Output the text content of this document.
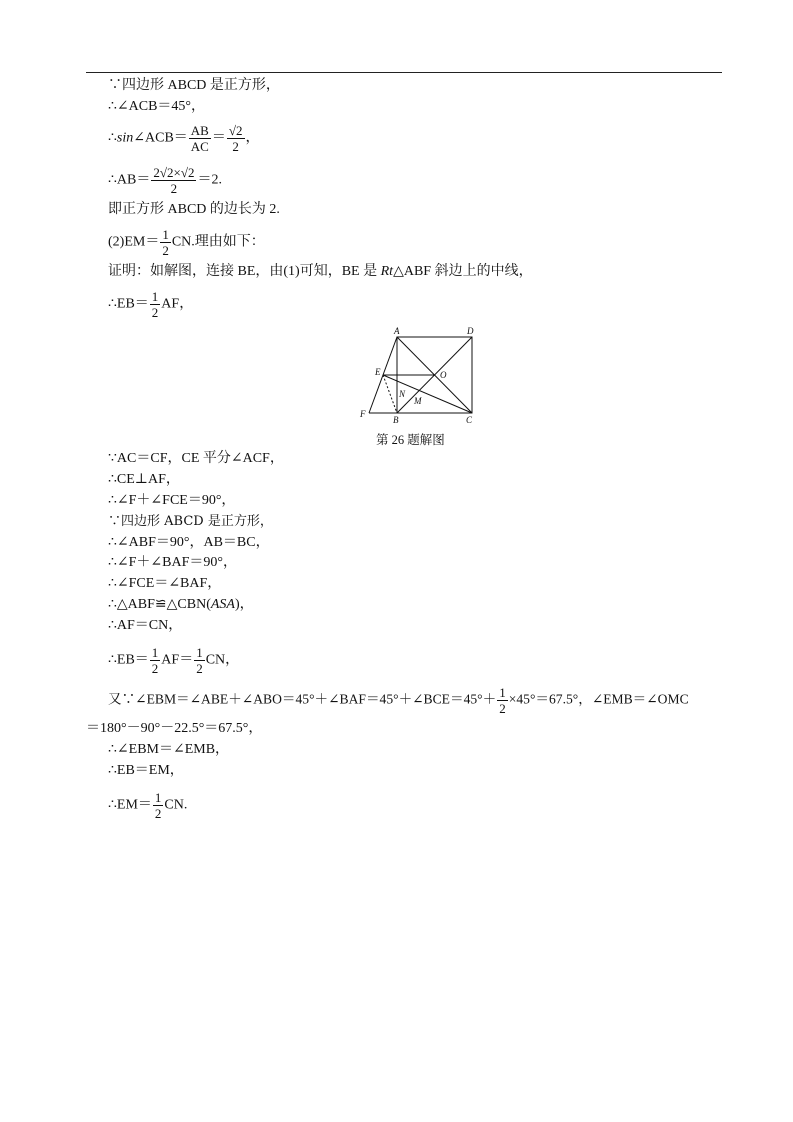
∵四边形 ABCD 是正方形，
∴∠ACB＝45°，
∴sin∠ACB＝ $\frac{AB}{AC} = \frac{√2}{2}$ ，
∴AB＝ $\frac{2√2\times√2}{2} =2$.
即正方形 ABCD 的边长为 2.
$(2)EM= \frac{1}{2}$ CN.理由如下：
证明：如解图，连接 BE，由(1)可知，BE 是 Rt△ABF 斜边上的中线，
∴EB＝ $\frac{1}{2}$ AF，
A	D
E	O
N
M
F
B	C
第 26 题解图
∵AC＝CF，CE 平分∠ACF，
∴CE⊥AF，
∴∠F＋∠FCE＝90°，
∵四边形 ABCD 是正方形，
∴∠ABF＝90°，AB＝BC，
∴∠F＋∠BAF＝90°，
∴∠FCE＝∠BAF，
∴△ABF≌△CBN(ASA)，
∴AF＝CN，
∴EB＝ $\frac{1}{2} AF= \frac{1}{2}$ CN，
又∵∠EBM＝∠ABE＋∠ABO＝45°＋∠BAF＝45°＋∠BCE＝45°＋ $\frac{1}{2} \times 45^\circ=67.5^\circ$，∠EMB＝∠OMC
＝180°－90°－22.5°＝67.5°，
∴∠EBM＝∠EMB，
∴EB＝EM，
∴EM＝ $\frac{1}{2}$ CN.
